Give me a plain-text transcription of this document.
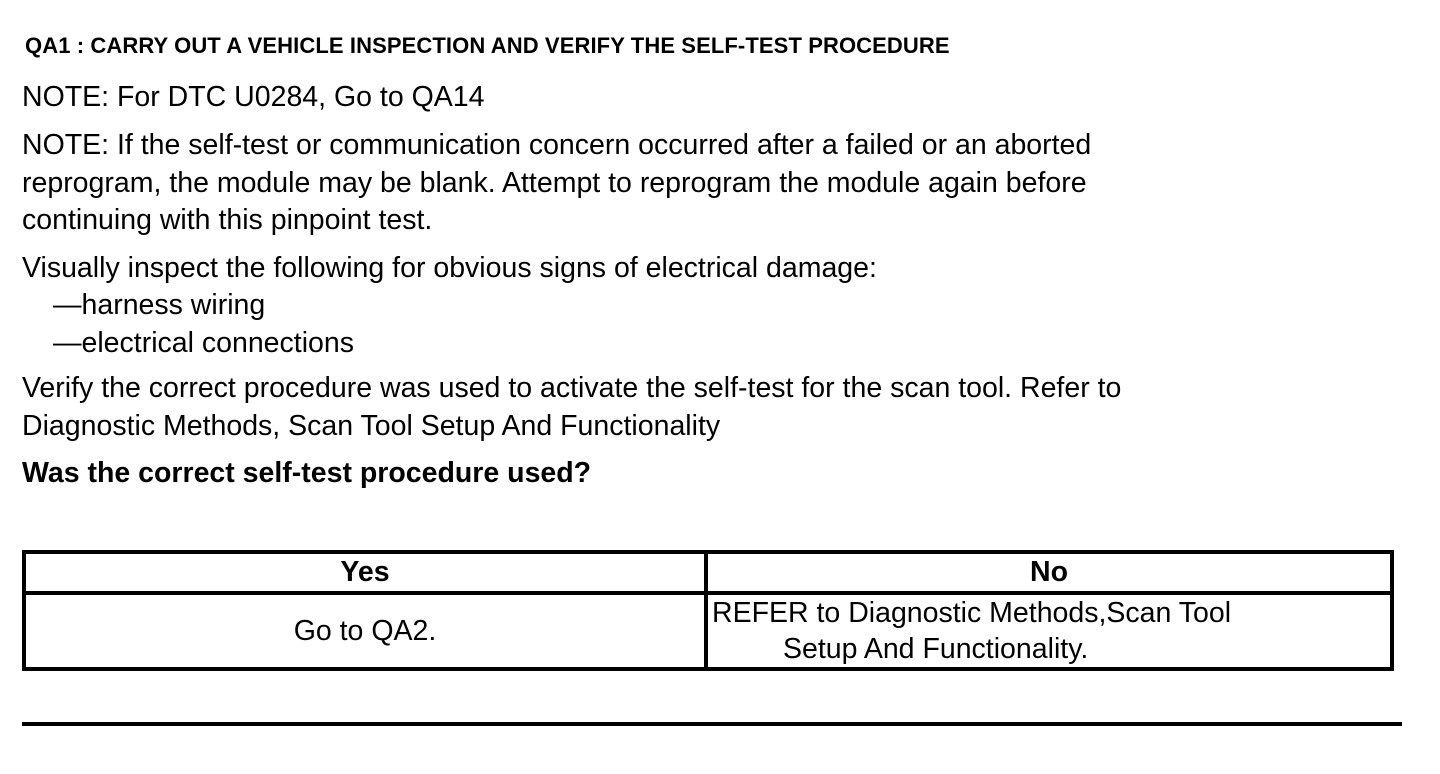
QA1 : CARRY OUT A VEHICLE INSPECTION AND VERIFY THE SELF-TEST PROCEDURE
NOTE: For DTC U0284, Go to QA14
NOTE: If the self-test or communication concern occurred after a failed or an aborted
reprogram, the module may be blank. Attempt to reprogram the module again before
continuing with this pinpoint test.
Visually inspect the following for obvious signs of electrical damage:
—harness wiring
—electrical connections
Verify the correct procedure was used to activate the self-test for the scan tool. Refer to
Diagnostic Methods, Scan Tool Setup And Functionality
Was the correct self-test procedure used?
Yes	No
Go to QA2.	REFER to Diagnostic Methods,Scan Tool
Setup And Functionality.
